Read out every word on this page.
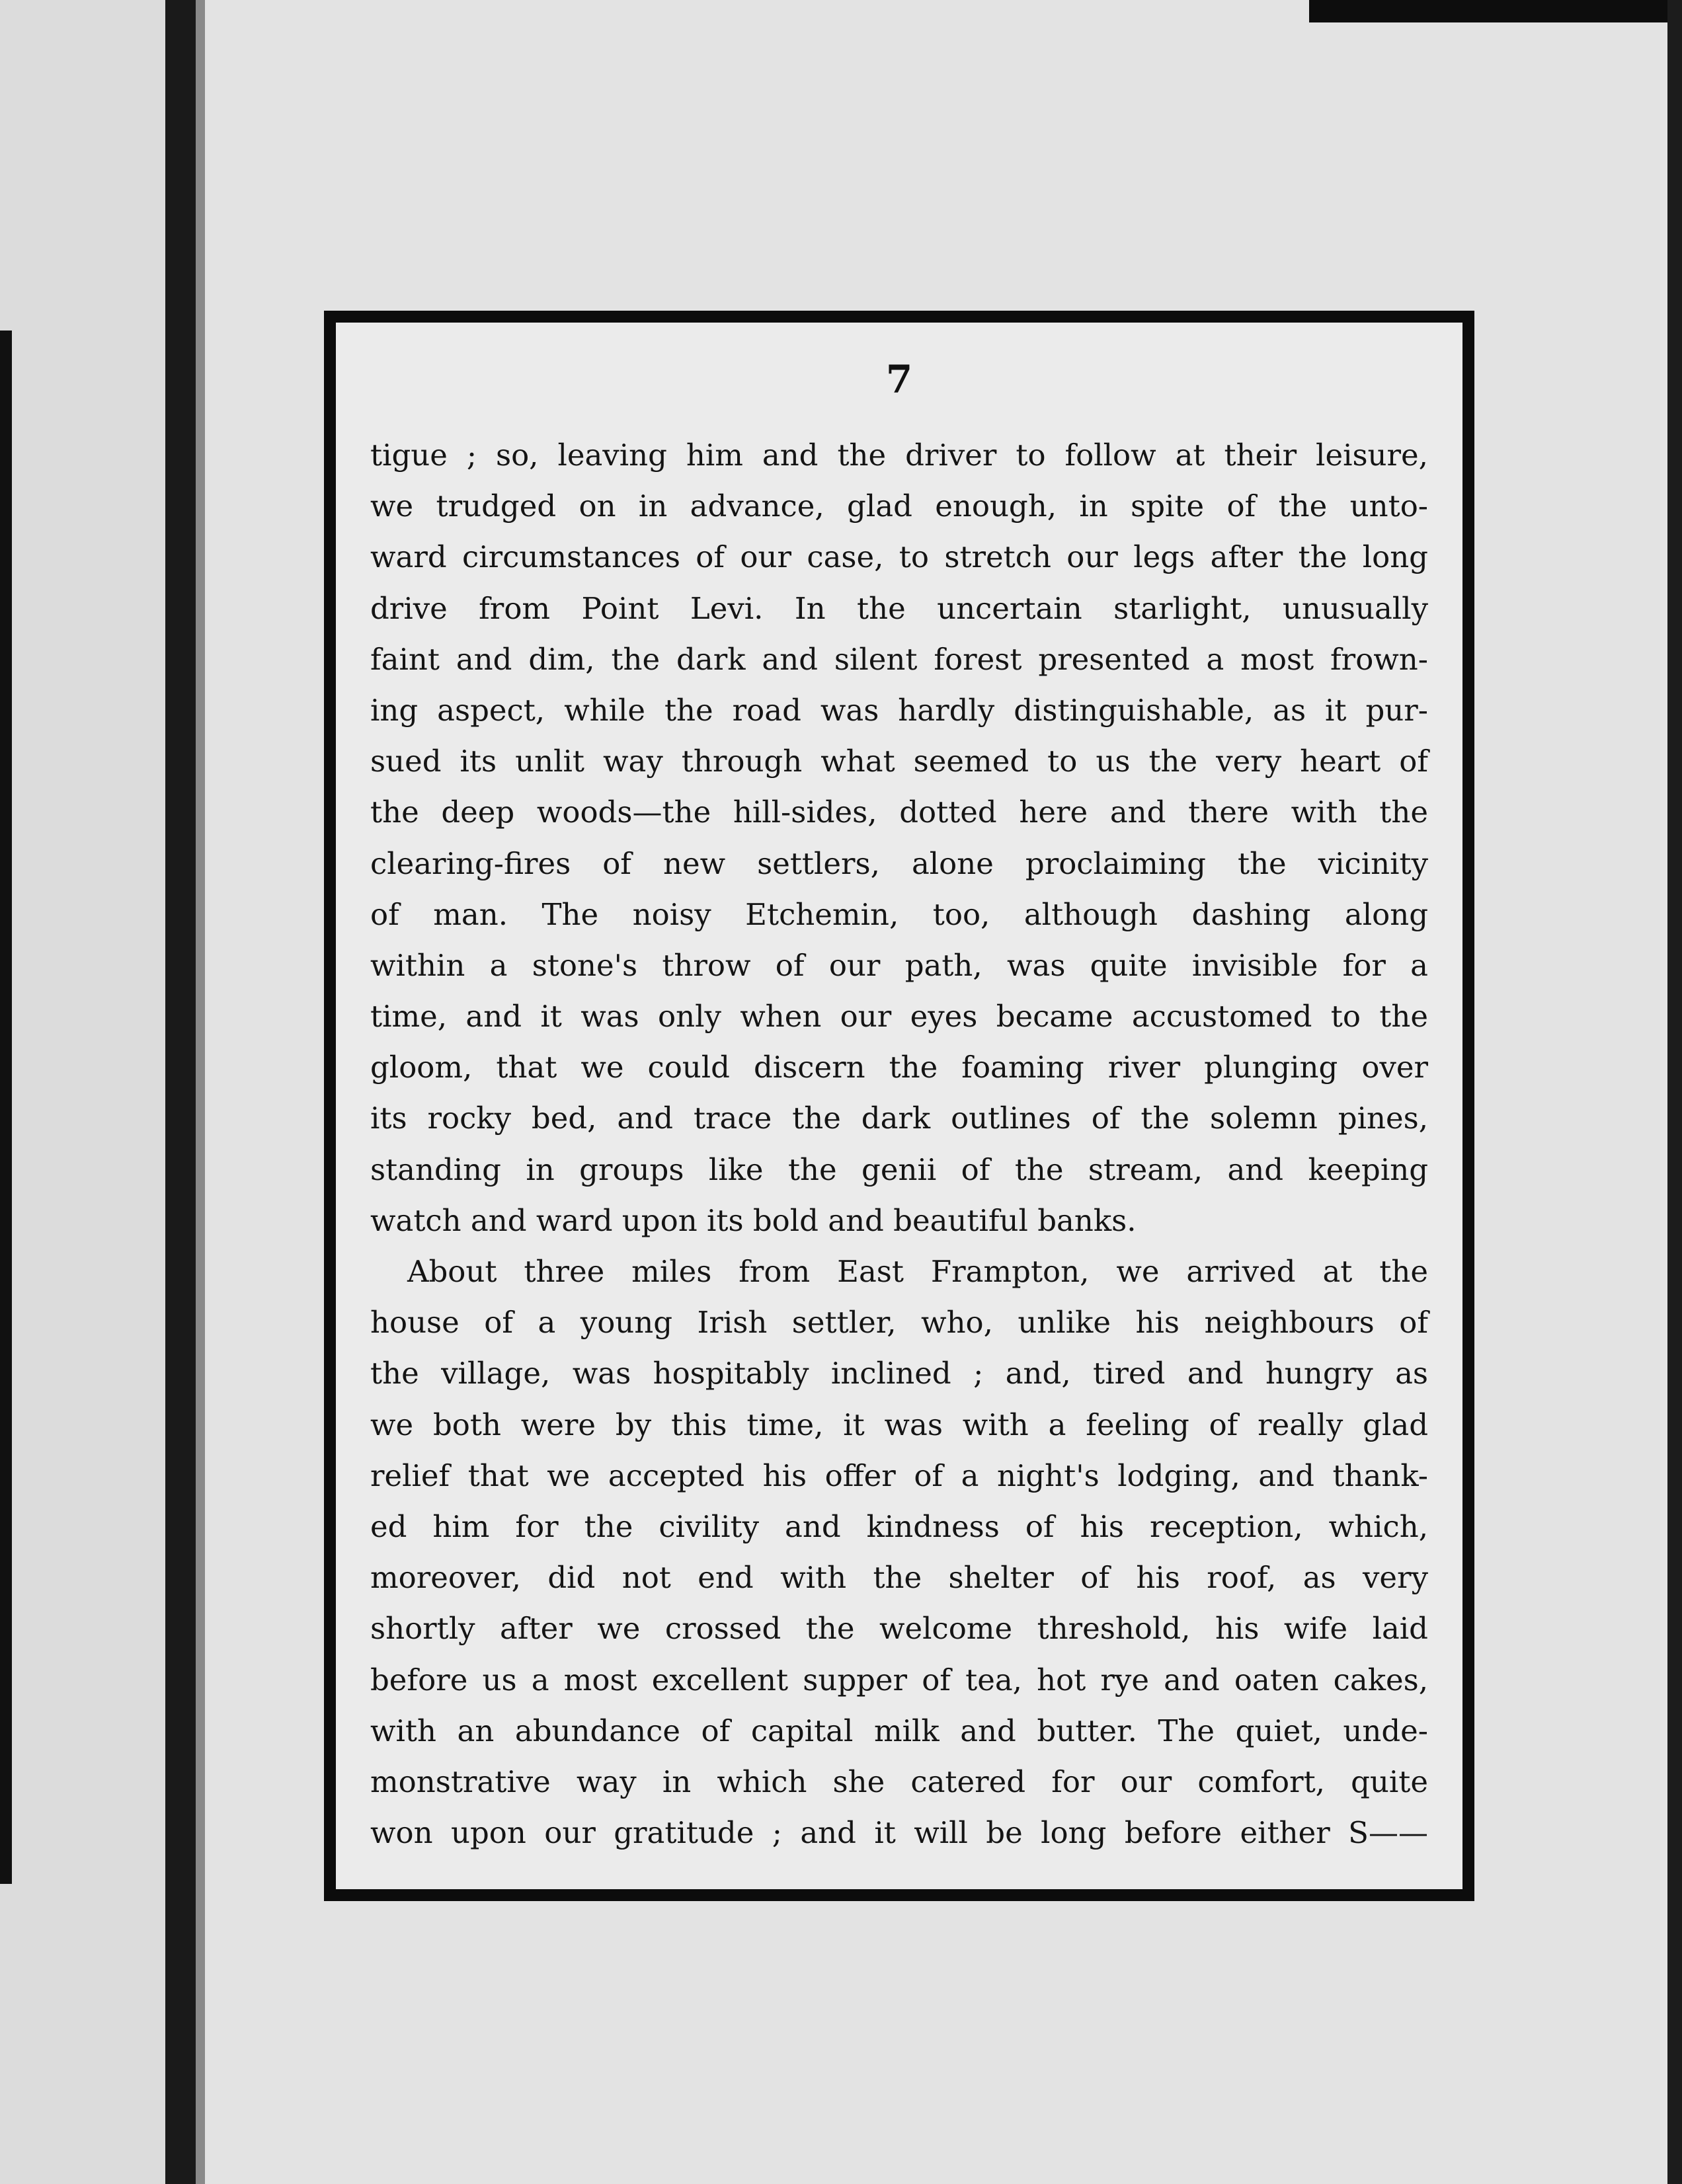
7
tigue ; so, leaving him and the driver to follow at their leisure,
we trudged on in advance, glad enough, in spite of the unto-
ward circumstances of our case, to stretch our legs after the long
drive from Point Levi. In the uncertain starlight, unusually
faint and dim, the dark and silent forest presented a most frown-
ing aspect, while the road was hardly distinguishable, as it pur-
sued its unlit way through what seemed to us the very heart of
the deep woods—the hill-sides, dotted here and there with the
clearing-fires of new settlers, alone proclaiming the vicinity
of man. The noisy Etchemin, too, although dashing along
within a stone's throw of our path, was quite invisible for a
time, and it was only when our eyes became accustomed to the
gloom, that we could discern the foaming river plunging over
its rocky bed, and trace the dark outlines of the solemn pines,
standing in groups like the genii of the stream, and keeping
watch and ward upon its bold and beautiful banks.
About three miles from East Frampton, we arrived at the
house of a young Irish settler, who, unlike his neighbours of
the village, was hospitably inclined ; and, tired and hungry as
we both were by this time, it was with a feeling of really glad
relief that we accepted his offer of a night's lodging, and thank-
ed him for the civility and kindness of his reception, which,
moreover, did not end with the shelter of his roof, as very
shortly after we crossed the welcome threshold, his wife laid
before us a most excellent supper of tea, hot rye and oaten cakes,
with an abundance of capital milk and butter. The quiet, unde-
monstrative way in which she catered for our comfort, quite
won upon our gratitude ; and it will be long before either S——
